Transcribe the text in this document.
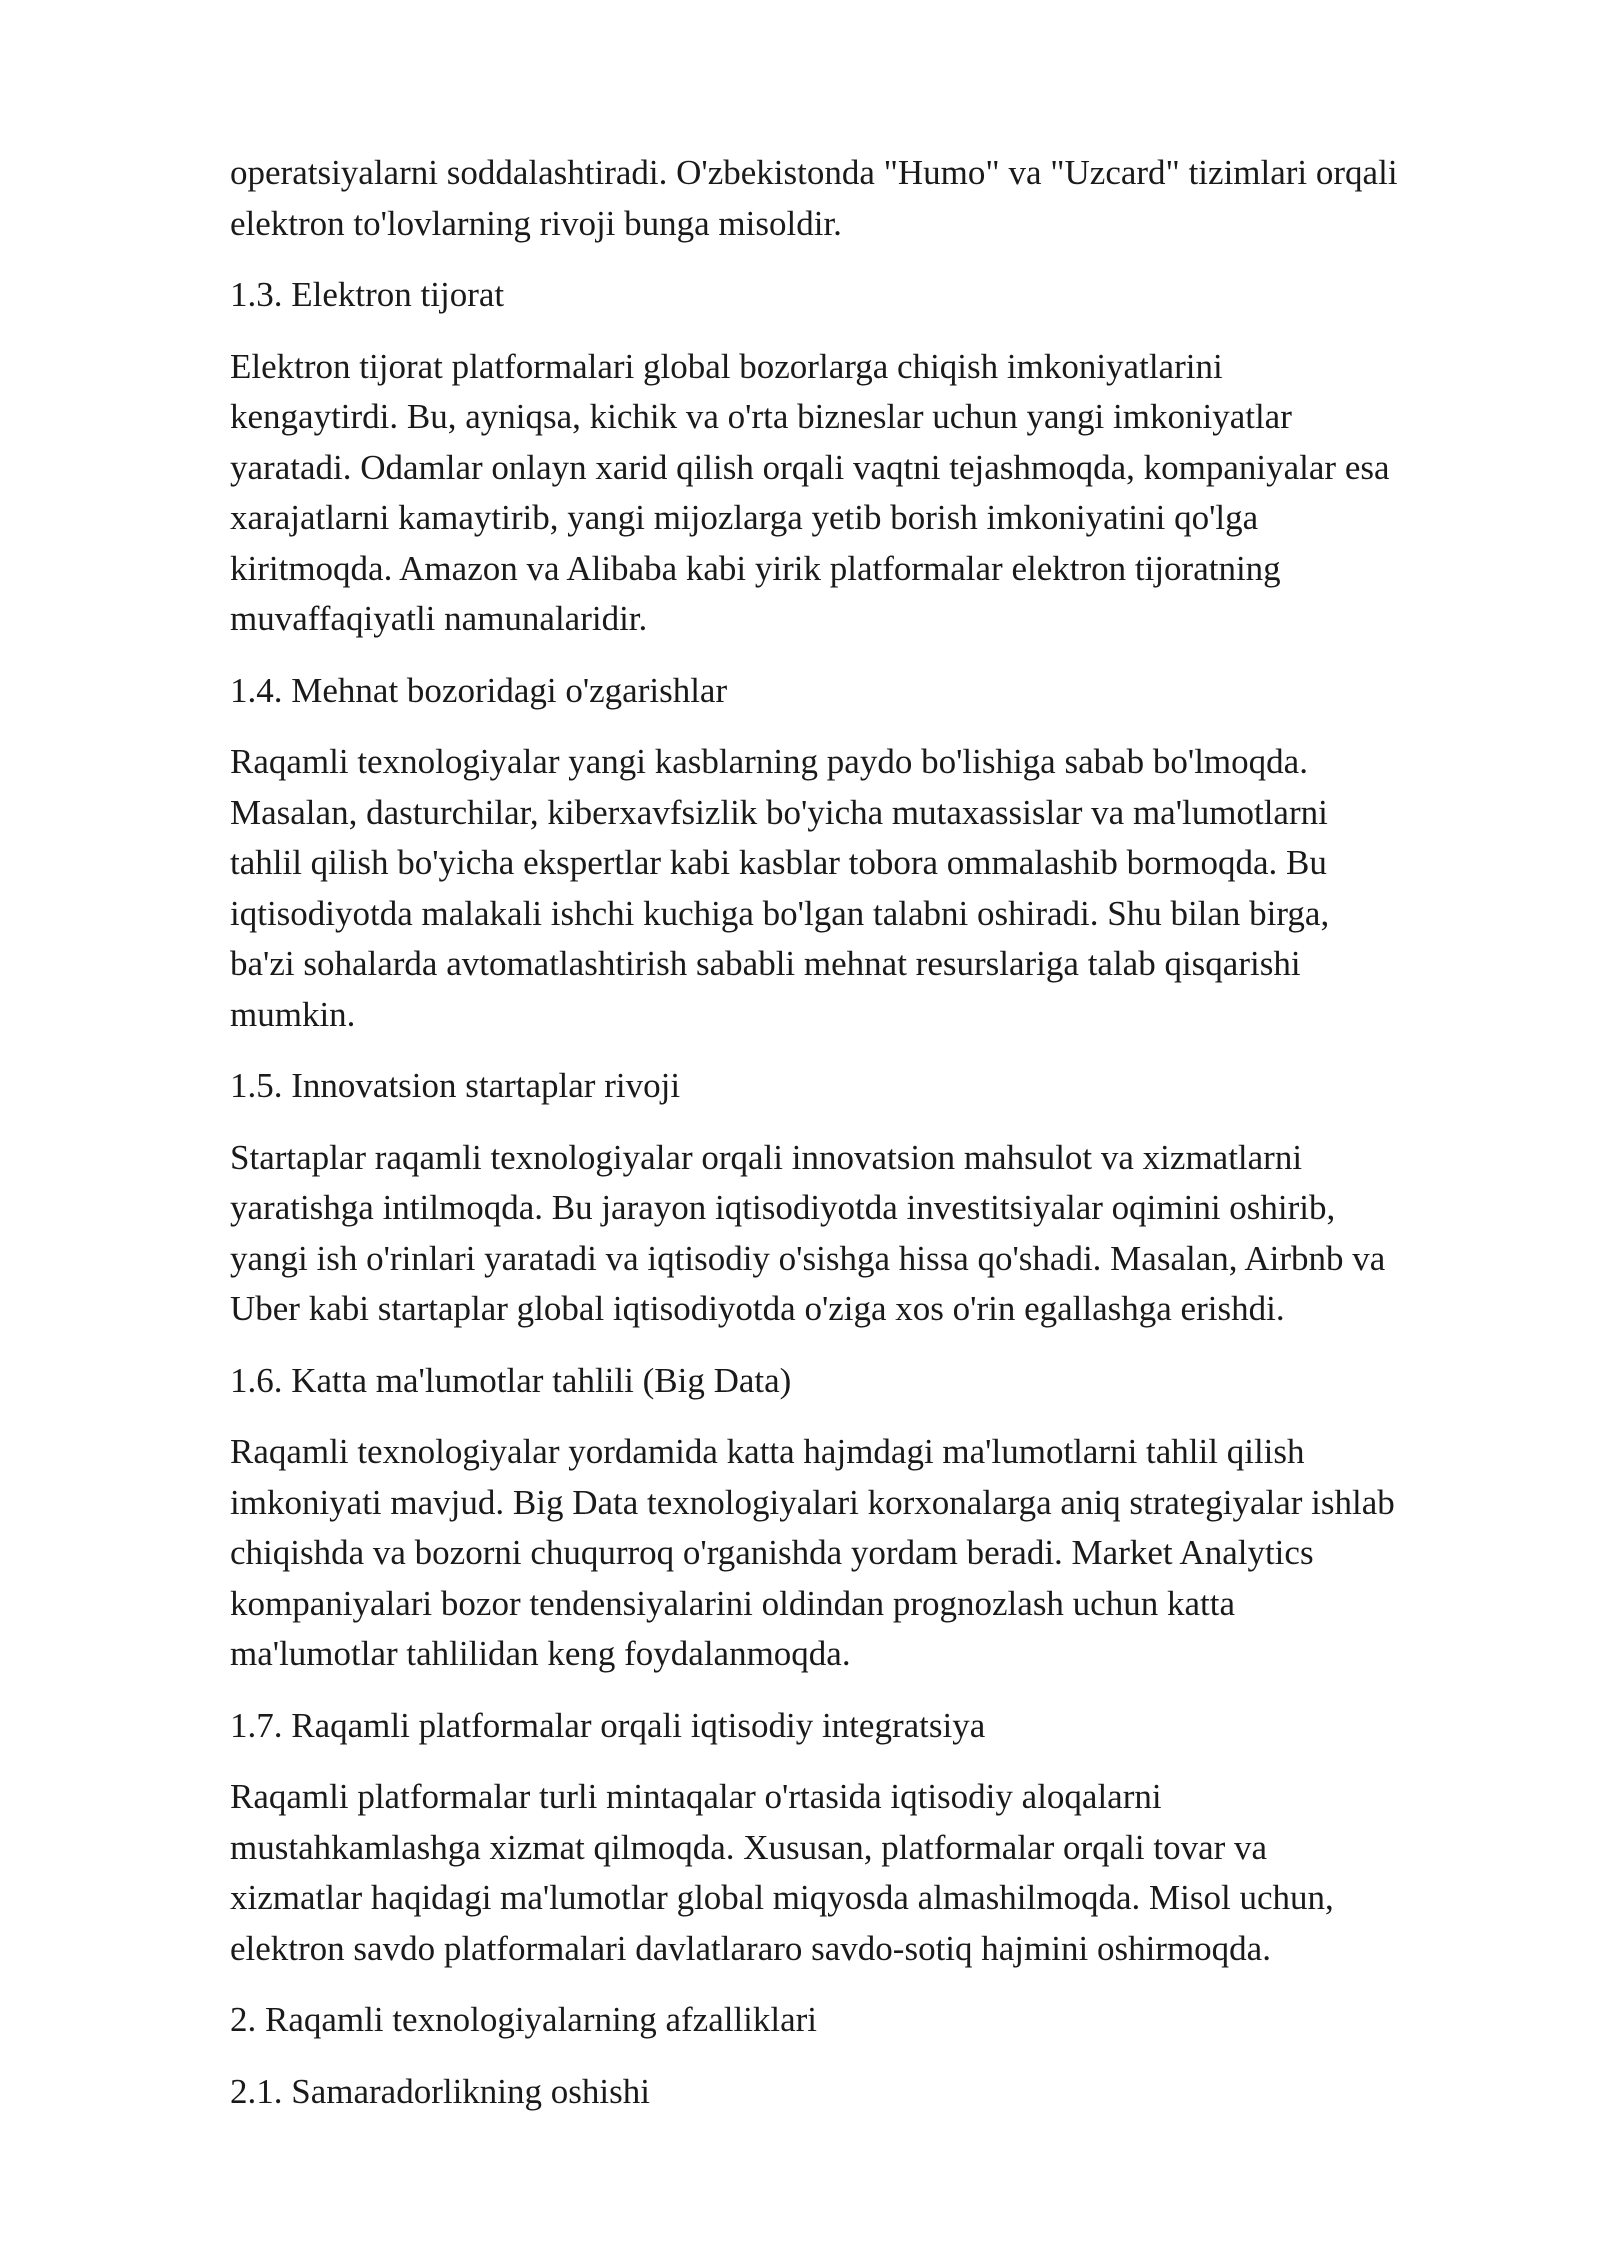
operatsiyalarni soddalashtiradi. O'zbekistonda "Humo" va "Uzcard" tizimlari orqali
elektron to'lovlarning rivoji bunga misoldir.
1.3. Elektron tijorat
Elektron tijorat platformalari global bozorlarga chiqish imkoniyatlarini
kengaytirdi. Bu, ayniqsa, kichik va o'rta bizneslar uchun yangi imkoniyatlar
yaratadi. Odamlar onlayn xarid qilish orqali vaqtni tejashmoqda, kompaniyalar esa
xarajatlarni kamaytirib, yangi mijozlarga yetib borish imkoniyatini qo'lga
kiritmoqda. Amazon va Alibaba kabi yirik platformalar elektron tijoratning
muvaffaqiyatli namunalaridir.
1.4. Mehnat bozoridagi o'zgarishlar
Raqamli texnologiyalar yangi kasblarning paydo bo'lishiga sabab bo'lmoqda.
Masalan, dasturchilar, kiberxavfsizlik bo'yicha mutaxassislar va ma'lumotlarni
tahlil qilish bo'yicha ekspertlar kabi kasblar tobora ommalashib bormoqda. Bu
iqtisodiyotda malakali ishchi kuchiga bo'lgan talabni oshiradi. Shu bilan birga,
ba'zi sohalarda avtomatlashtirish sababli mehnat resurslariga talab qisqarishi
mumkin.
1.5. Innovatsion startaplar rivoji
Startaplar raqamli texnologiyalar orqali innovatsion mahsulot va xizmatlarni
yaratishga intilmoqda. Bu jarayon iqtisodiyotda investitsiyalar oqimini oshirib,
yangi ish o'rinlari yaratadi va iqtisodiy o'sishga hissa qo'shadi. Masalan, Airbnb va
Uber kabi startaplar global iqtisodiyotda o'ziga xos o'rin egallashga erishdi.
1.6. Katta ma'lumotlar tahlili (Big Data)
Raqamli texnologiyalar yordamida katta hajmdagi ma'lumotlarni tahlil qilish
imkoniyati mavjud. Big Data texnologiyalari korxonalarga aniq strategiyalar ishlab
chiqishda va bozorni chuqurroq o'rganishda yordam beradi. Market Analytics
kompaniyalari bozor tendensiyalarini oldindan prognozlash uchun katta
ma'lumotlar tahlilidan keng foydalanmoqda.
1.7. Raqamli platformalar orqali iqtisodiy integratsiya
Raqamli platformalar turli mintaqalar o'rtasida iqtisodiy aloqalarni
mustahkamlashga xizmat qilmoqda. Xususan, platformalar orqali tovar va
xizmatlar haqidagi ma'lumotlar global miqyosda almashilmoqda. Misol uchun,
elektron savdo platformalari davlatlararo savdo-sotiq hajmini oshirmoqda.
2. Raqamli texnologiyalarning afzalliklari
2.1. Samaradorlikning oshishi
